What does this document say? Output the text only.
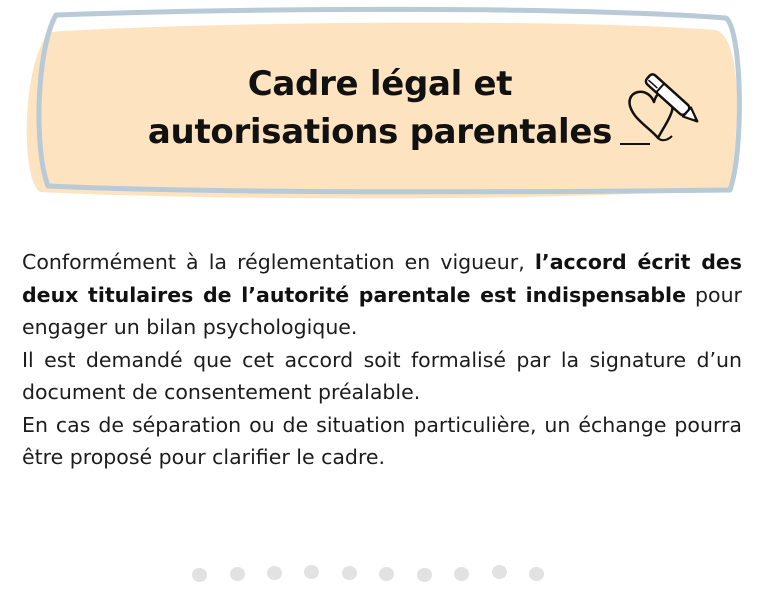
Cadre légal et
autorisations parentales

Conformément à la réglementation en vigueur, l’accord écrit des deux titulaires de l’autorité parentale est indispensable pour engager un bilan psychologique.

Il est demandé que cet accord soit formalisé par la signature d’un document de consentement préalable.

En cas de séparation ou de situation particulière, un échange pourra être proposé pour clarifier le cadre.
